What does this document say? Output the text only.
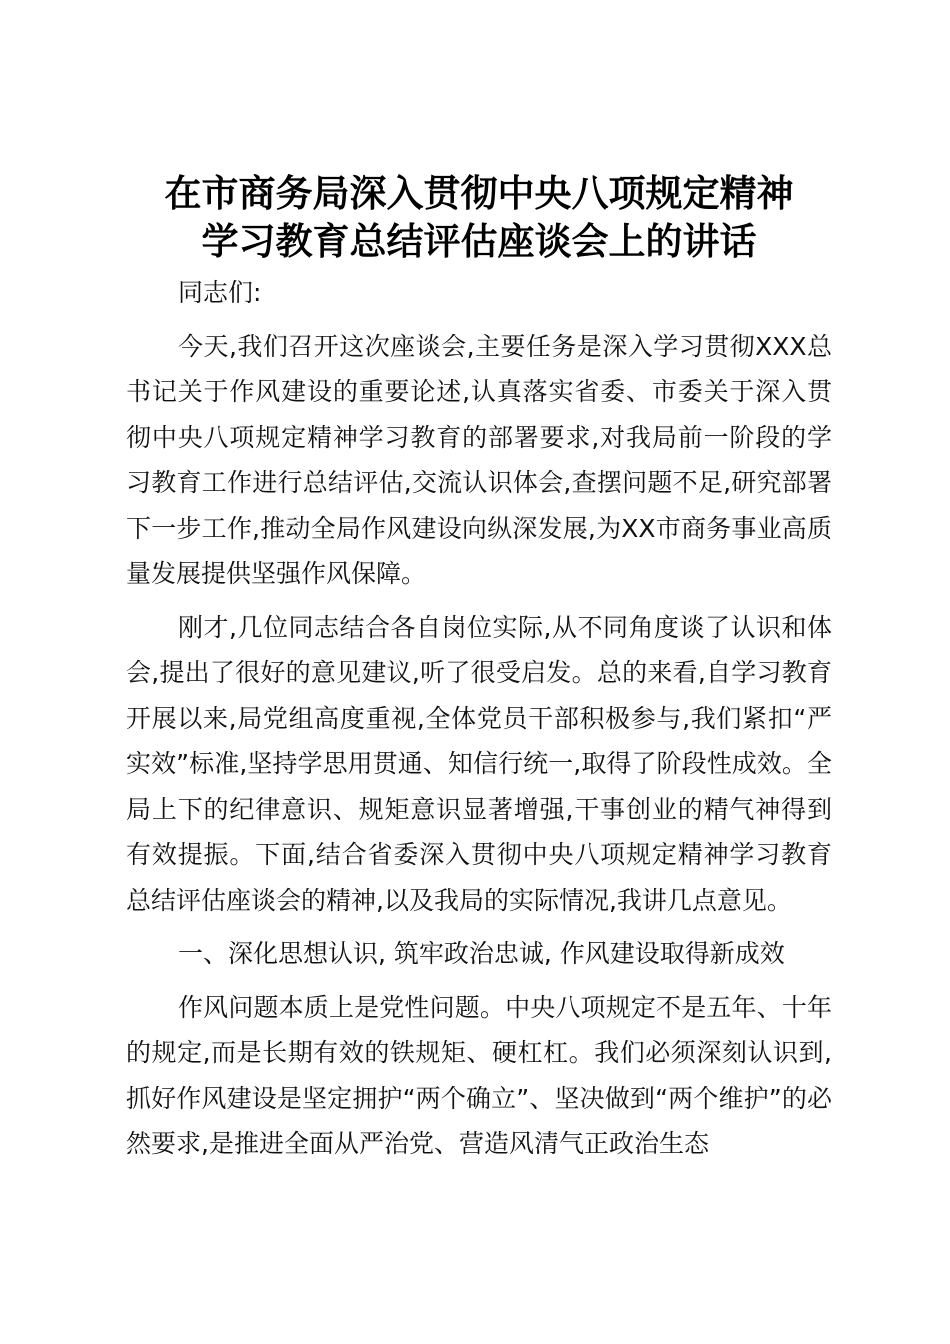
在市商务局深入贯彻中央八项规定精神
学习教育总结评估座谈会上的讲话

同志们:

今天,我们召开这次座谈会,主要任务是深入学习贯彻XXX总书记关于作风建设的重要论述,认真落实省委、市委关于深入贯彻中央八项规定精神学习教育的部署要求,对我局前一阶段的学习教育工作进行总结评估,交流认识体会,查摆问题不足,研究部署下一步工作,推动全局作风建设向纵深发展,为XX市商务事业高质量发展提供坚强作风保障。

刚才,几位同志结合各自岗位实际,从不同角度谈了认识和体会,提出了很好的意见建议,听了很受启发。总的来看,自学习教育开展以来,局党组高度重视,全体党员干部积极参与,我们紧扣“严实效”标准,坚持学思用贯通、知信行统一,取得了阶段性成效。全局上下的纪律意识、规矩意识显著增强,干事创业的精气神得到有效提振。下面,结合省委深入贯彻中央八项规定精神学习教育总结评估座谈会的精神,以及我局的实际情况,我讲几点意见。

一、深化思想认识, 筑牢政治忠诚, 作风建设取得新成效

作风问题本质上是党性问题。中央八项规定不是五年、十年的规定,而是长期有效的铁规矩、硬杠杠。我们必须深刻认识到,抓好作风建设是坚定拥护“两个确立”、坚决做到“两个维护”的必然要求,是推进全面从严治党、营造风清气正政治生态
